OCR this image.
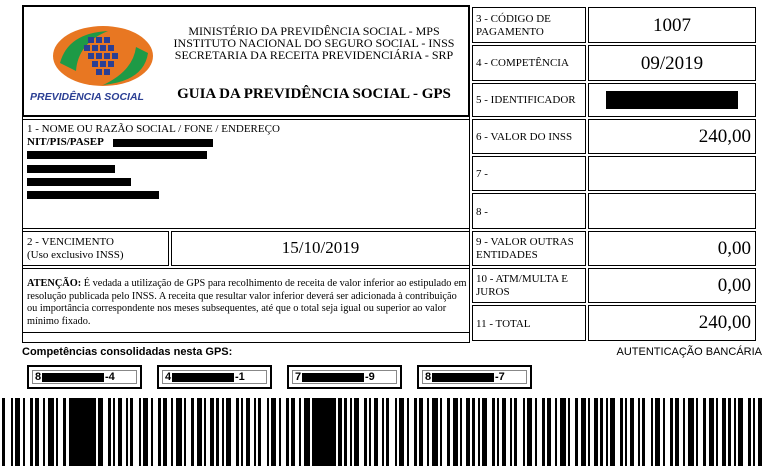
PREVIDÊNCIA SOCIAL
MINISTÉRIO DA PREVIDÊNCIA SOCIAL - MPS
INSTITUTO NACIONAL DO SEGURO SOCIAL - INSS
SECRETARIA DA RECEITA PREVIDENCIÁRIA - SRP
GUIA DA PREVIDÊNCIA SOCIAL - GPS
1 - NOME OU RAZÃO SOCIAL / FONE / ENDEREÇO
NIT/PIS/PASEP
2 - VENCIMENTO
(Uso exclusivo INSS)	15/10/2019
ATENÇÃO: É vedada a utilização de GPS para recolhimento de receita de valor inferior ao estipulado em resolução publicada pelo INSS. A receita que resultar valor inferior deverá ser adicionada à contribuição ou importância correspondente nos meses subsequentes, até que o total seja igual ou superior ao valor mínimo fixado.
3 - CÓDIGO DE PAGAMENTO	1007
4 - COMPETÊNCIA	09/2019
5 - IDENTIFICADOR
6 - VALOR DO INSS	240,00
7 -
8 -
9 - VALOR OUTRAS ENTIDADES	0,00
10 - ATM/MULTA E JUROS	0,00
11 - TOTAL	240,00
Competências consolidadas nesta GPS:	AUTENTICAÇÃO BANCÁRIA
8	-4	4	-1	7	-9	8	-7
